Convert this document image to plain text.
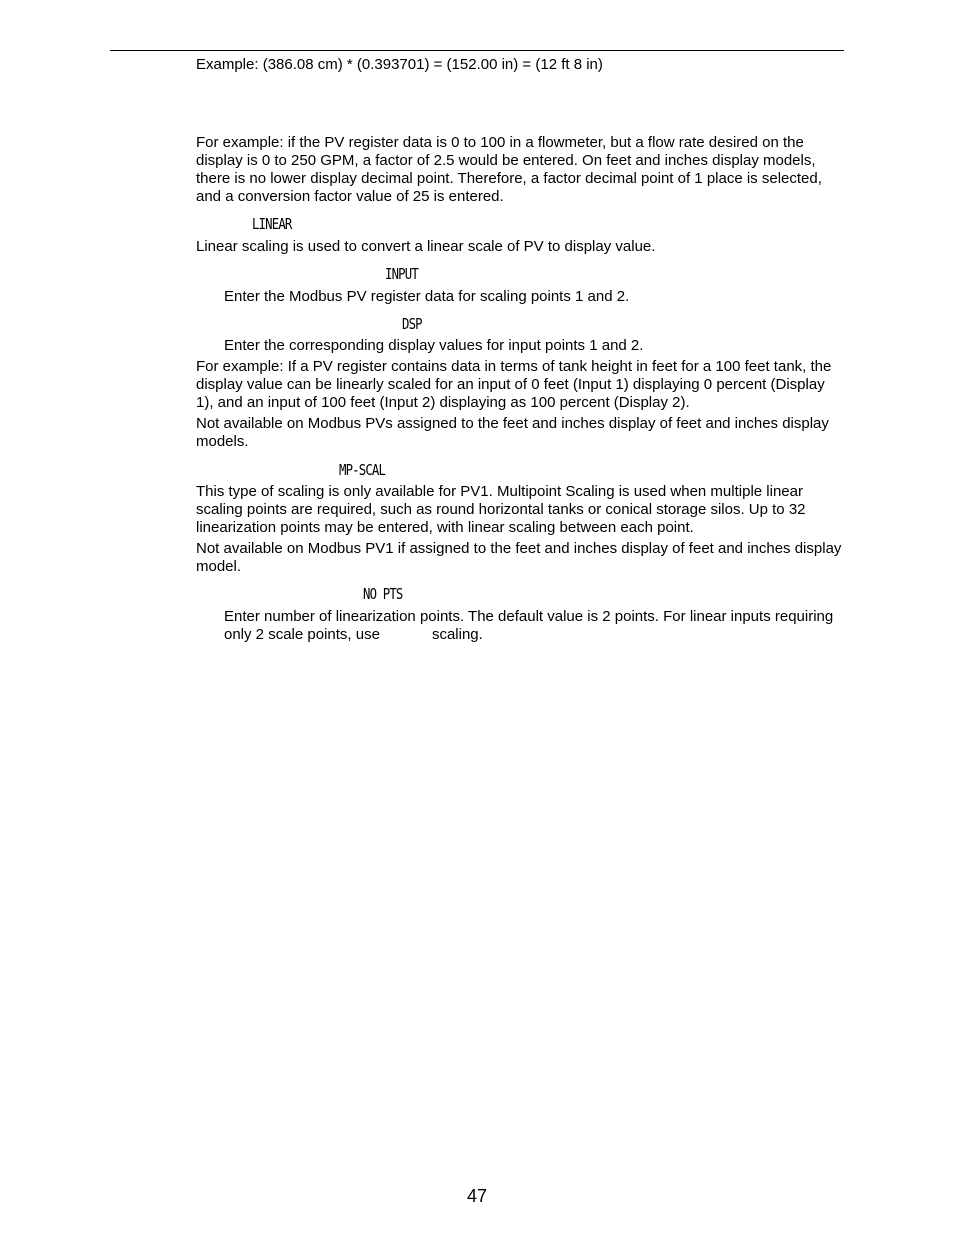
Example: (386.08 cm) * (0.393701) = (152.00 in) = (12 ft 8 in)

For example: if the PV register data is 0 to 100 in a flowmeter, but a flow rate desired on the display is 0 to 250 GPM, a factor of 2.5 would be entered. On feet and inches display models, there is no lower display decimal point. Therefore, a factor decimal point of 1 place is selected, and a conversion factor value of 25 is entered.

LINEAR

Linear scaling is used to convert a linear scale of PV to display value.

INPUT

Enter the Modbus PV register data for scaling points 1 and 2.

DSP

Enter the corresponding display values for input points 1 and 2.

For example: If a PV register contains data in terms of tank height in feet for a 100 feet tank, the display value can be linearly scaled for an input of 0 feet (Input 1) displaying 0 percent (Display 1), and an input of 100 feet (Input 2) displaying as 100 percent (Display 2).

Not available on Modbus PVs assigned to the feet and inches display of feet and inches display models.

MP-SCAL

This type of scaling is only available for PV1. Multipoint Scaling is used when multiple linear scaling points are required, such as round horizontal tanks or conical storage silos. Up to 32 linearization points may be entered, with linear scaling between each point.

Not available on Modbus PV1 if assigned to the feet and inches display of feet and inches display model.

NO PTS

Enter number of linearization points. The default value is 2 points. For linear inputs requiring only 2 scale points, use	scaling.

47
